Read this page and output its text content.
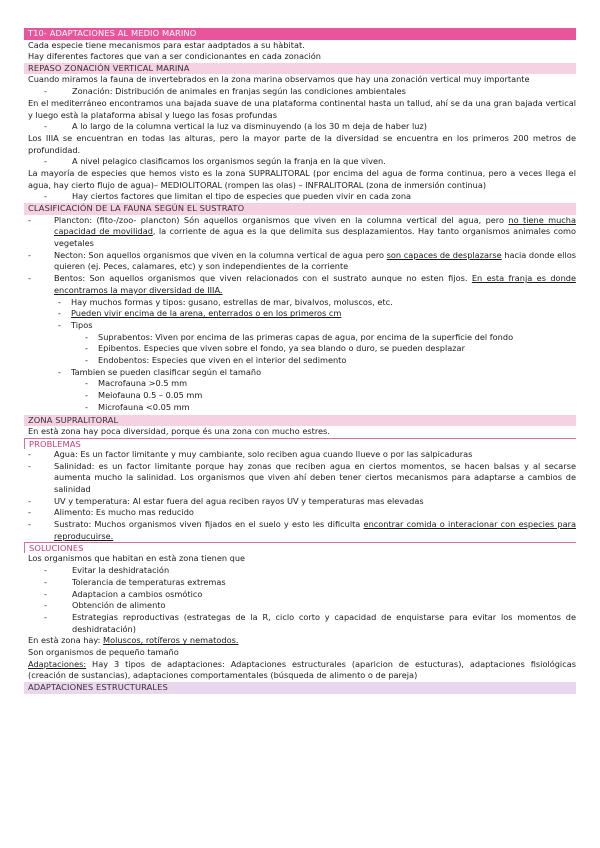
T10- ADAPTACIONES AL MEDIO MARINO

Cada especie tiene mecanismos para estar aadptados a su hàbitat.

Hay diferentes factores que van a ser condicionantes en cada zonación

REPASO ZONACIÓN VERTICAL MARINA

Cuando miramos la fauna de invertebrados en la zona marina observamos que hay una zonación vertical muy importante

-	Zonación: Distribución de animales en franjas según las condiciones ambientales

En el mediterráneo encontramos una bajada suave de una plataforma continental hasta un tallud, ahí se da una gran bajada vertical y luego està la plataforma abisal y luego las fosas profundas

-	A lo largo de la columna vertical la luz va disminuyendo (a los 30 m deja de haber luz)

Los IIIA se encuentran en todas las alturas, pero la mayor parte de la diversidad se encuentra en los primeros 200 metros de profundidad.

-	A nivel pelagico clasificamos los organismos según la franja en la que viven.

La mayoría de especies que hemos visto es la zona SUPRALITORAL (por encima del agua de forma continua, pero a veces llega el agua, hay cierto flujo de agua)– MEDIOLITORAL (rompen las olas) – INFRALITORAL (zona de inmersión continua)

-	Hay ciertos factores que limitan el tipo de especies que pueden vivir en cada zona
CLASIFICACIÓN DE LA FAUNA SEGÚN EL SUSTRATO
-	Plancton: (fito-/zoo- plancton) Són aquellos organismos que viven en la columna vertical del agua, pero no tiene mucha capacidad de movilidad, la corriente de agua es la que delimita sus desplazamientos. Hay tanto organismos animales como vegetales
-	Necton: Son aquellos organismos que viven en la columna vertical de agua pero son capaces de desplazarse hacia donde ellos quieren (ej. Peces, calamares, etc) y son independientes de la corriente
-	Bentos: Son aquellos organismos que viven relacionados con el sustrato aunque no esten fijos. En esta franja es donde encontramos la mayor diversidad de IIIA.
-	Hay muchos formas y tipos: gusano, estrellas de mar, bivalvos, moluscos, etc.
-	Pueden vivir encima de la arena, enterrados o en los primeros cm
-	Tipos
-	Suprabentos: Viven por encima de las primeras capas de agua, por encima de la superficie del fondo
-	Epibentos. Especies que viven sobre el fondo, ya sea blando o duro, se pueden desplazar
-	Endobentos: Especies que viven en el interior del sedimento
-	Tambien se pueden clasificar según el tamaño
-	Macrofauna >0.5 mm
-	Meiofauna 0.5 – 0.05 mm
-	Microfauna <0.05 mm
ZONA SUPRALITORAL

En està zona hay poca diversidad, porque és una zona con mucho estres.

PROBLEMAS
-	Agua: Es un factor limitante y muy cambiante, solo reciben agua cuando llueve o por las salpicaduras
-	Salinidad: es un factor limitante porque hay zonas que reciben agua en ciertos momentos, se hacen balsas y al secarse aumenta mucho la salinidad. Los organismos que viven ahí deben tener ciertos mecanismos para adaptarse a cambios de salinidad
-	UV y temperatura: Al estar fuera del agua reciben rayos UV y temperaturas mas elevadas
-	Alimento: Es mucho mas reducido
-	Sustrato: Muchos organismos viven fijados en el suelo y esto les dificulta encontrar comida o interacionar con especies para reproducuirse.
SOLUCIONES

Los organismos que habitan en està zona tienen que

-	Evitar la deshidratación
-	Tolerancia de temperaturas extremas
-	Adaptacion a cambios osmótico
-	Obtención de alimento
-	Estrategias reproductivas (estrategas de la R, ciclo corto y capacidad de enquistarse para evitar los momentos de deshidratación)

En està zona hay: Moluscos, rotíferos y nematodos.

Son organismos de pequeño tamaño

Adaptaciones: Hay 3 tipos de adaptaciones: Adaptaciones estructurales (aparicion de estucturas), adaptaciones fisiológicas (creación de sustancias), adaptaciones comportamentales (búsqueda de alimento o de pareja)

ADAPTACIONES ESTRUCTURALES
